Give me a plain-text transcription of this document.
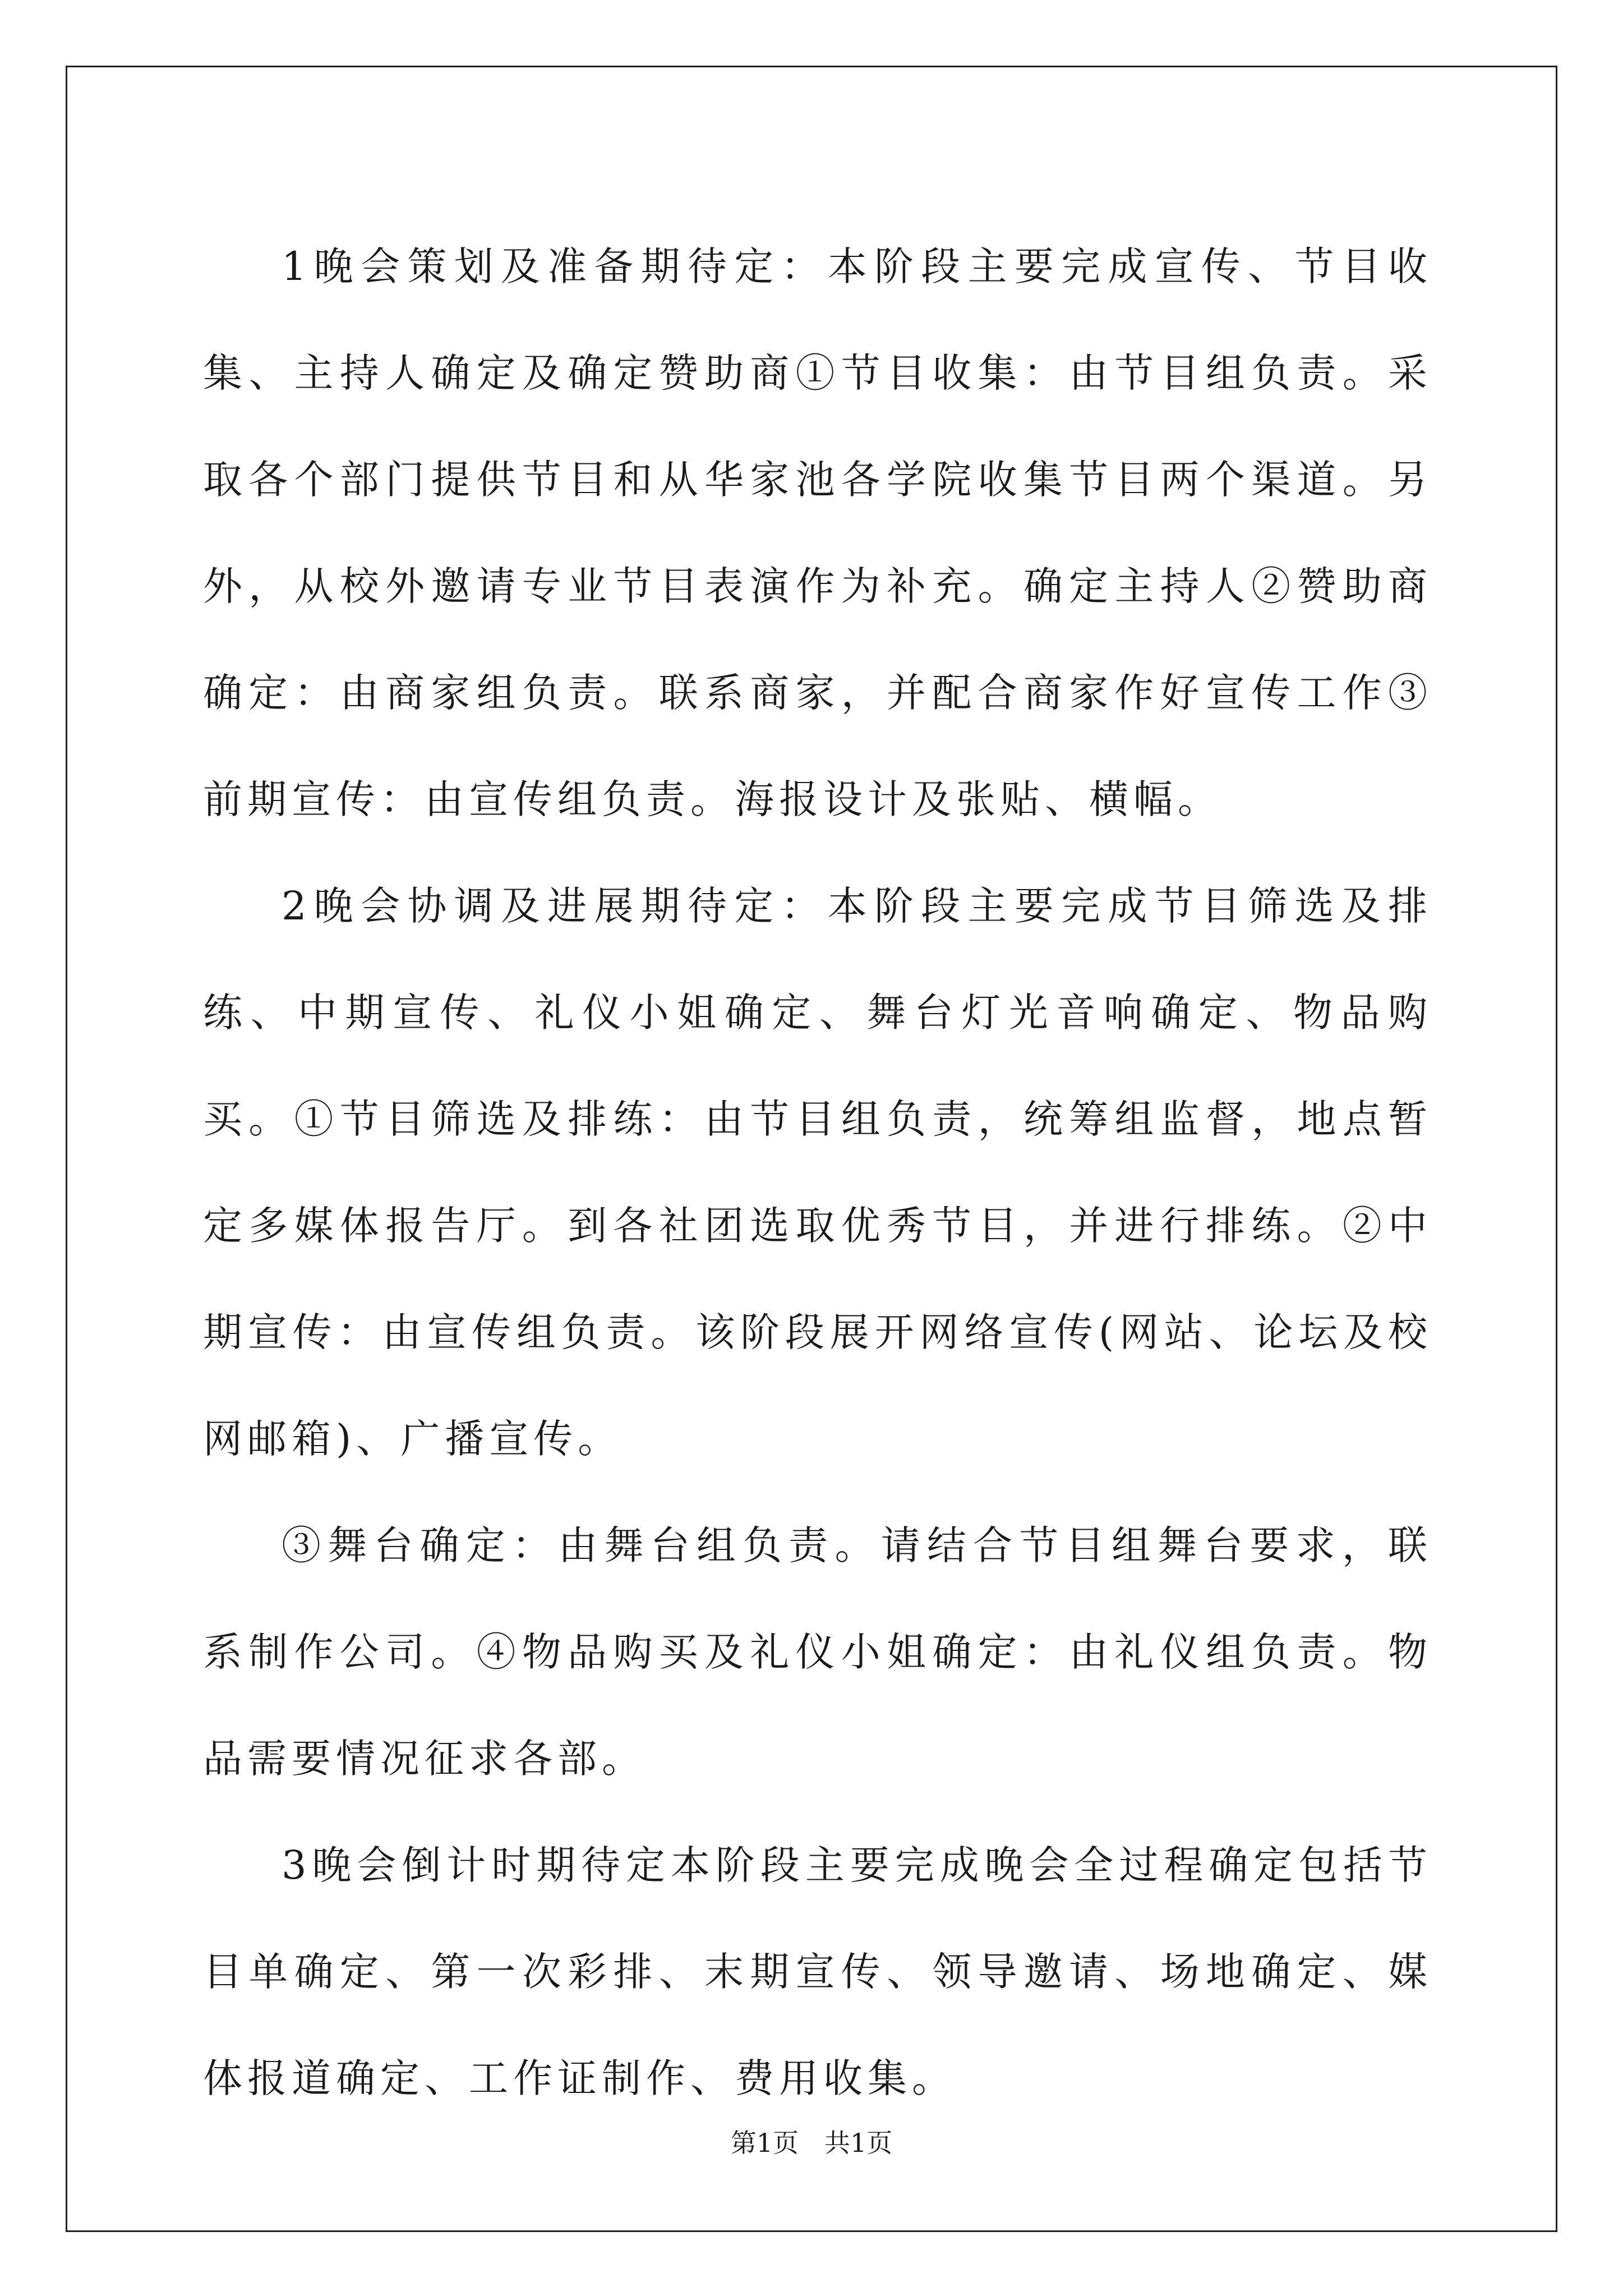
1晚会策划及准备期待定：本阶段主要完成宣传、节目收集、主持人确定及确定赞助商①节目收集：由节目组负责。采取各个部门提供节目和从华家池各学院收集节目两个渠道。另外，从校外邀请专业节目表演作为补充。确定主持人②赞助商确定：由商家组负责。联系商家，并配合商家作好宣传工作③前期宣传：由宣传组负责。海报设计及张贴、横幅。

2晚会协调及进展期待定：本阶段主要完成节目筛选及排练、中期宣传、礼仪小姐确定、舞台灯光音响确定、物品购买。①节目筛选及排练：由节目组负责，统筹组监督，地点暂定多媒体报告厅。到各社团选取优秀节目，并进行排练。②中期宣传：由宣传组负责。该阶段展开网络宣传(网站、论坛及校网邮箱)、广播宣传。

③舞台确定：由舞台组负责。请结合节目组舞台要求，联系制作公司。④物品购买及礼仪小姐确定：由礼仪组负责。物品需要情况征求各部。

3晚会倒计时期待定本阶段主要完成晚会全过程确定包括节目单确定、第一次彩排、末期宣传、领导邀请、场地确定、媒体报道确定、工作证制作、费用收集。

第1页 共1页
